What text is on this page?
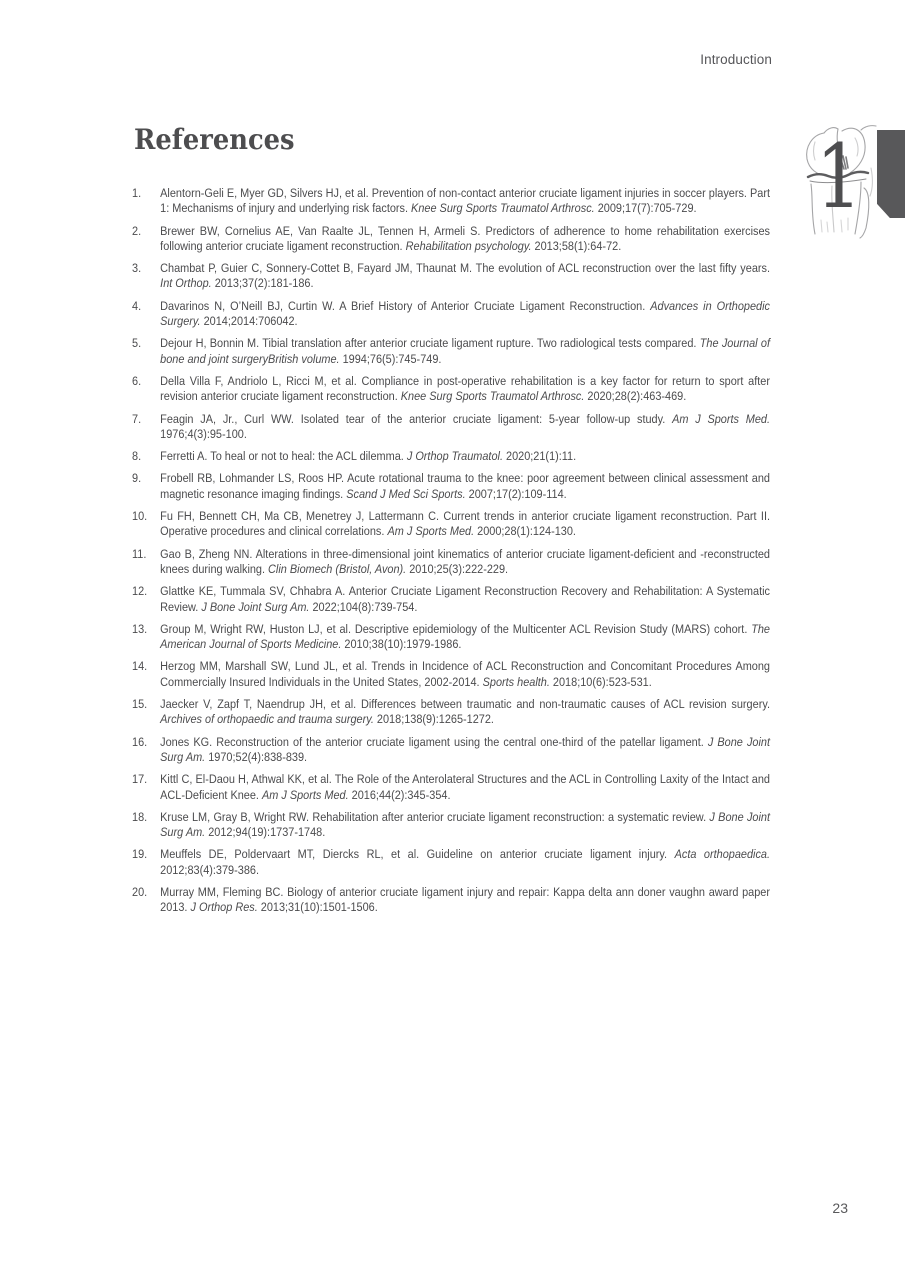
Introduction
References	1
1.	Alentorn-Geli E, Myer GD, Silvers HJ, et al. Prevention of non-contact anterior cruciate ligament injuries in soccer players. Part 1: Mechanisms of injury and underlying risk factors. Knee Surg Sports Traumatol Arthrosc. 2009;17(7):705-729.
2.	Brewer BW, Cornelius AE, Van Raalte JL, Tennen H, Armeli S. Predictors of adherence to home rehabilitation exercises following anterior cruciate ligament reconstruction. Rehabilitation psychology. 2013;58(1):64-72.
3.	Chambat P, Guier C, Sonnery-Cottet B, Fayard JM, Thaunat M. The evolution of ACL reconstruction over the last fifty years. Int Orthop. 2013;37(2):181-186.
4.	Davarinos N, O’Neill BJ, Curtin W. A Brief History of Anterior Cruciate Ligament Reconstruction. Advances in Orthopedic Surgery. 2014;2014:706042.
5.	Dejour H, Bonnin M. Tibial translation after anterior cruciate ligament rupture. Two radiological tests compared. The Journal of bone and joint surgeryBritish volume. 1994;76(5):745-749.
6.	Della Villa F, Andriolo L, Ricci M, et al. Compliance in post-operative rehabilitation is a key factor for return to sport after revision anterior cruciate ligament reconstruction. Knee Surg Sports Traumatol Arthrosc. 2020;28(2):463-469.
7.	Feagin JA, Jr., Curl WW. Isolated tear of the anterior cruciate ligament: 5-year follow-up study. Am J Sports Med. 1976;4(3):95-100.
8.	Ferretti A. To heal or not to heal: the ACL dilemma. J Orthop Traumatol. 2020;21(1):11.
9.	Frobell RB, Lohmander LS, Roos HP. Acute rotational trauma to the knee: poor agreement between clinical assessment and magnetic resonance imaging findings. Scand J Med Sci Sports. 2007;17(2):109-114.
10.	Fu FH, Bennett CH, Ma CB, Menetrey J, Lattermann C. Current trends in anterior cruciate ligament reconstruction. Part II. Operative procedures and clinical correlations. Am J Sports Med. 2000;28(1):124-130.
11.	Gao B, Zheng NN. Alterations in three-dimensional joint kinematics of anterior cruciate ligament-deficient and -reconstructed knees during walking. Clin Biomech (Bristol, Avon). 2010;25(3):222-229.
12.	Glattke KE, Tummala SV, Chhabra A. Anterior Cruciate Ligament Reconstruction Recovery and Rehabilitation: A Systematic Review. J Bone Joint Surg Am. 2022;104(8):739-754.
13.	Group M, Wright RW, Huston LJ, et al. Descriptive epidemiology of the Multicenter ACL Revision Study (MARS) cohort. The American Journal of Sports Medicine. 2010;38(10):1979-1986.
14.	Herzog MM, Marshall SW, Lund JL, et al. Trends in Incidence of ACL Reconstruction and Concomitant Procedures Among Commercially Insured Individuals in the United States, 2002-2014. Sports health. 2018;10(6):523-531.
15.	Jaecker V, Zapf T, Naendrup JH, et al. Differences between traumatic and non-traumatic causes of ACL revision surgery. Archives of orthopaedic and trauma surgery. 2018;138(9):1265-1272.
16.	Jones KG. Reconstruction of the anterior cruciate ligament using the central one-third of the patellar ligament. J Bone Joint Surg Am. 1970;52(4):838-839.
17.	Kittl C, El-Daou H, Athwal KK, et al. The Role of the Anterolateral Structures and the ACL in Controlling Laxity of the Intact and ACL-Deficient Knee. Am J Sports Med. 2016;44(2):345-354.
18.	Kruse LM, Gray B, Wright RW. Rehabilitation after anterior cruciate ligament reconstruction: a systematic review. J Bone Joint Surg Am. 2012;94(19):1737-1748.
19.	Meuffels DE, Poldervaart MT, Diercks RL, et al. Guideline on anterior cruciate ligament injury. Acta orthopaedica. 2012;83(4):379-386.
20.	Murray MM, Fleming BC. Biology of anterior cruciate ligament injury and repair: Kappa delta ann doner vaughn award paper 2013. J Orthop Res. 2013;31(10):1501-1506.
23
